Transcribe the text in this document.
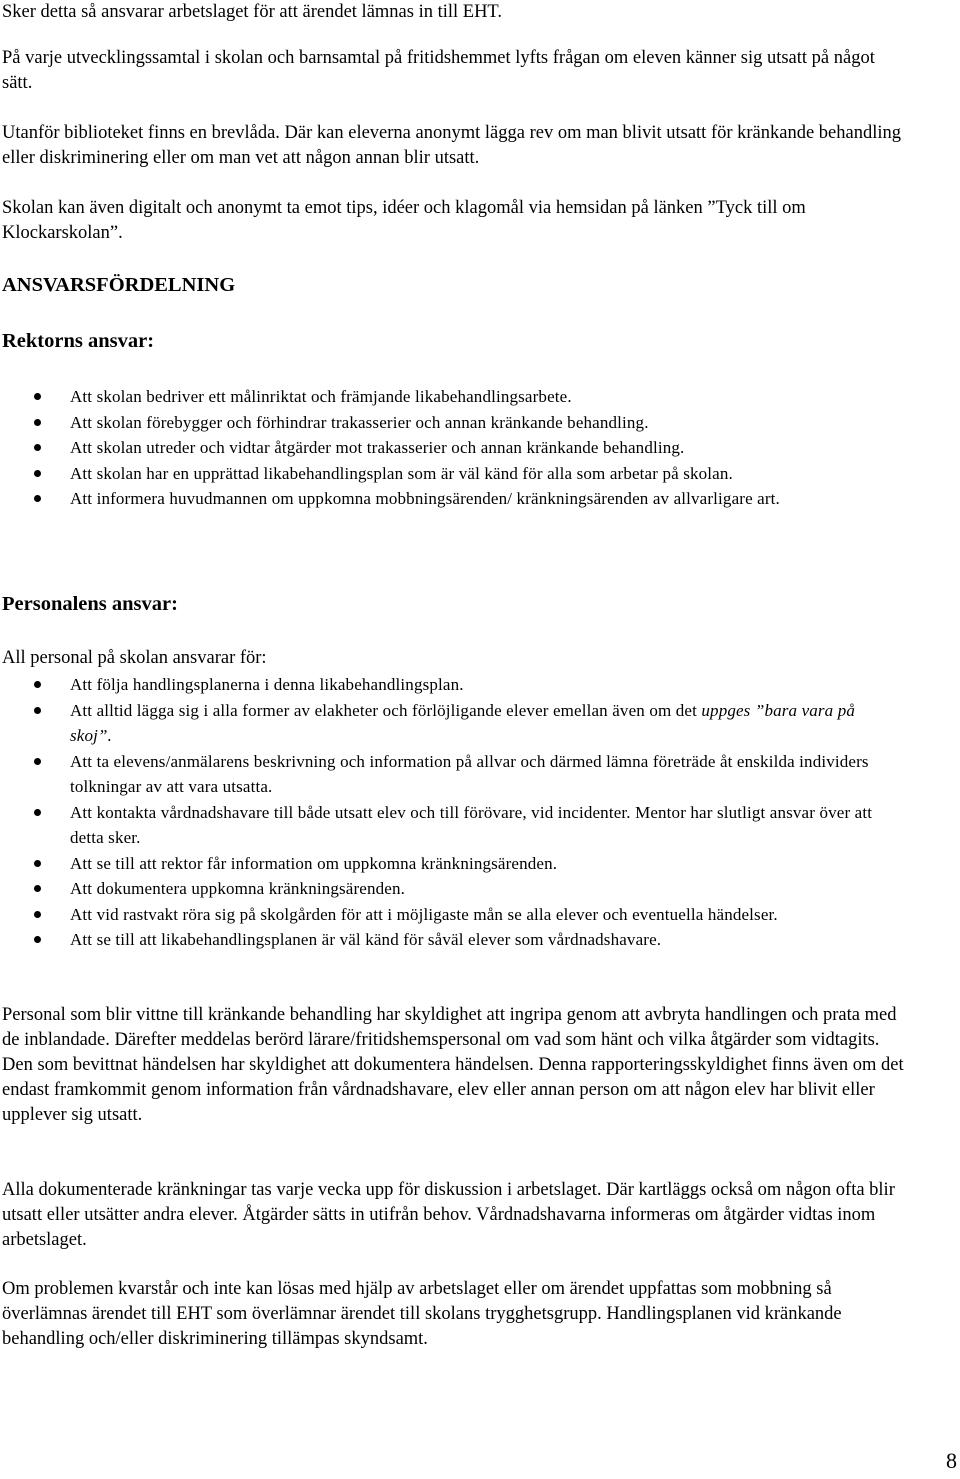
Sker detta så ansvarar arbetslaget för att ärendet lämnas in till EHT.

På varje utvecklingssamtal i skolan och barnsamtal på fritidshemmet lyfts frågan om eleven känner sig utsatt på något sätt.

Utanför biblioteket finns en brevlåda. Där kan eleverna anonymt lägga rev om man blivit utsatt för kränkande behandling eller diskriminering eller om man vet att någon annan blir utsatt.

Skolan kan även digitalt och anonymt ta emot tips, idéer och klagomål via hemsidan på länken ”Tyck till om Klockarskolan”.

ANSVARSFÖRDELNING
Rektorns ansvar:
Att skolan bedriver ett målinriktat och främjande likabehandlingsarbete.
Att skolan förebygger och förhindrar trakasserier och annan kränkande behandling.
Att skolan utreder och vidtar åtgärder mot trakasserier och annan kränkande behandling.
Att skolan har en upprättad likabehandlingsplan som är väl känd för alla som arbetar på skolan.
Att informera huvudmannen om uppkomna mobbningsärenden/ kränkningsärenden av allvarligare art.
Personalens ansvar:

All personal på skolan ansvarar för:

Att följa handlingsplanerna i denna likabehandlingsplan.
Att alltid lägga sig i alla former av elakheter och förlöjligande elever emellan även om det uppges ”bara vara på skoj”.
Att ta elevens/anmälarens beskrivning och information på allvar och därmed lämna företräde åt enskilda individers tolkningar av att vara utsatta.
Att kontakta vårdnadshavare till både utsatt elev och till förövare, vid incidenter. Mentor har slutligt ansvar över att detta sker.
Att se till att rektor får information om uppkomna kränkningsärenden.
Att dokumentera uppkomna kränkningsärenden.
Att vid rastvakt röra sig på skolgården för att i möjligaste mån se alla elever och eventuella händelser.
Att se till att likabehandlingsplanen är väl känd för såväl elever som vårdnadshavare.

Personal som blir vittne till kränkande behandling har skyldighet att ingripa genom att avbryta handlingen och prata med de inblandade. Därefter meddelas berörd lärare/fritidshemspersonal om vad som hänt och vilka åtgärder som vidtagits. Den som bevittnat händelsen har skyldighet att dokumentera händelsen. Denna rapporteringsskyldighet finns även om det endast framkommit genom information från vårdnadshavare, elev eller annan person om att någon elev har blivit eller upplever sig utsatt.

Alla dokumenterade kränkningar tas varje vecka upp för diskussion i arbetslaget. Där kartläggs också om någon ofta blir utsatt eller utsätter andra elever. Åtgärder sätts in utifrån behov. Vårdnadshavarna informeras om åtgärder vidtas inom arbetslaget.

Om problemen kvarstår och inte kan lösas med hjälp av arbetslaget eller om ärendet uppfattas som mobbning så överlämnas ärendet till EHT som överlämnar ärendet till skolans trygghetsgrupp. Handlingsplanen vid kränkande behandling och/eller diskriminering tillämpas skyndsamt.

8
